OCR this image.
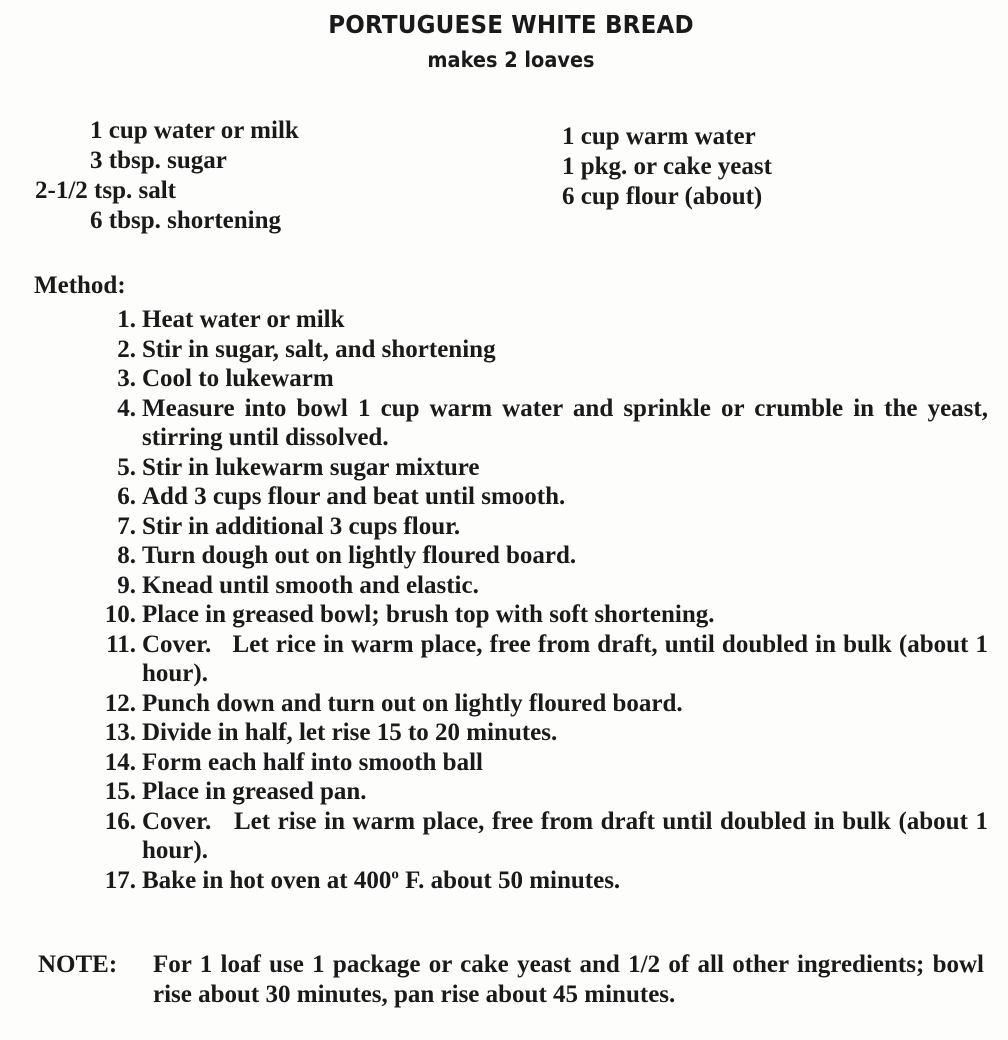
PORTUGUESE WHITE BREAD
makes 2 loaves
1 cup water or milk
3 tbsp. sugar
2-1/2 tsp. salt
6 tbsp. shortening
1 cup warm water
1 pkg. or cake yeast
6 cup flour (about)
Method:
1. Heat water or milk
2. Stir in sugar, salt, and shortening
3. Cool to lukewarm
4. Measure into bowl 1 cup warm water and sprinkle or crumble in the yeast, stirring until dissolved.
5. Stir in lukewarm sugar mixture
6. Add 3 cups flour and beat until smooth.
7. Stir in additional 3 cups flour.
8. Turn dough out on lightly floured board.
9. Knead until smooth and elastic.
10. Place in greased bowl; brush top with soft shortening.
11. Cover.   Let rice in warm place, free from draft, until doubled in bulk (about 1 hour).
12. Punch down and turn out on lightly floured board.
13. Divide in half, let rise 15 to 20 minutes.
14. Form each half into smooth ball
15. Place in greased pan.
16. Cover.   Let rise in warm place, free from draft until doubled in bulk (about 1 hour).
17. Bake in hot oven at 400$^o$ F. about 50 minutes.
NOTE:	For 1 loaf use 1 package or cake yeast and 1/2 of all other ingredients; bowl rise about 30 minutes, pan rise about 45 minutes.
